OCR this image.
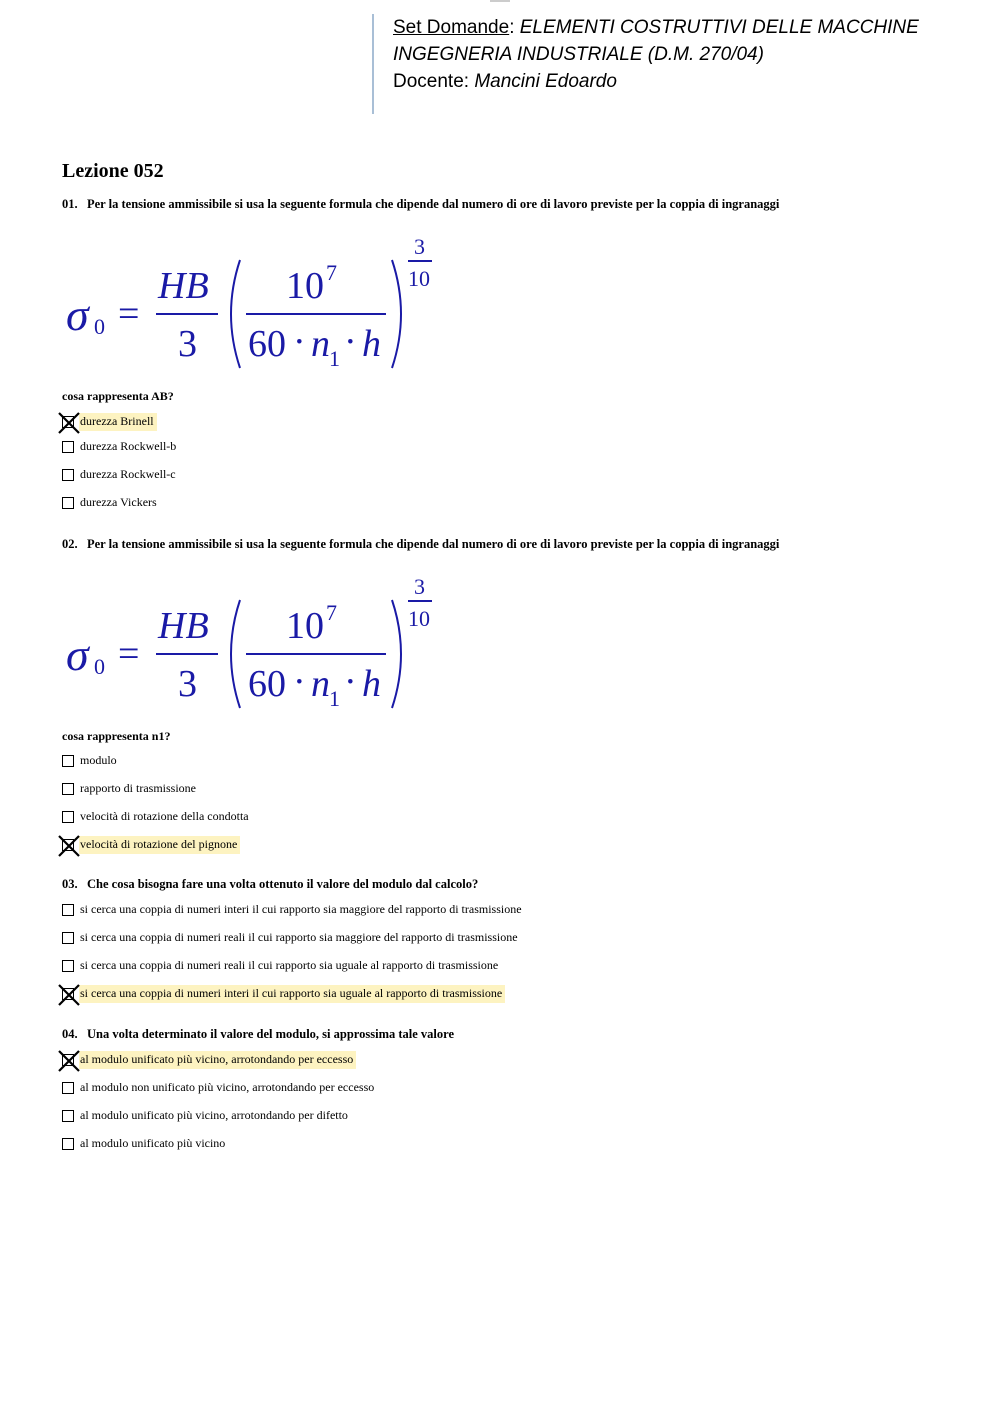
Set Domande: ELEMENTI COSTRUTTIVI DELLE MACCHINE
INGEGNERIA INDUSTRIALE (D.M. 270/04)
Docente: Mancini Edoardo
Lezione 052
01. Per la tensione ammissibile si usa la seguente formula che dipende dal numero di ore di lavoro previste per la coppia di ingranaggi
σ 0 =
HB
3
10 7
60 · n 1 · h
3
10
cosa rappresenta AB?
durezza Brinell
durezza Rockwell-b
durezza Rockwell-c
durezza Vickers
02. Per la tensione ammissibile si usa la seguente formula che dipende dal numero di ore di lavoro previste per la coppia di ingranaggi
σ 0 =
HB
3
10 7
60 · n 1 · h
3
10
cosa rappresenta n1?
modulo
rapporto di trasmissione
velocità di rotazione della condotta
velocità di rotazione del pignone
03. Che cosa bisogna fare una volta ottenuto il valore del modulo dal calcolo?
si cerca una coppia di numeri interi il cui rapporto sia maggiore del rapporto di trasmissione
si cerca una coppia di numeri reali il cui rapporto sia maggiore del rapporto di trasmissione
si cerca una coppia di numeri reali il cui rapporto sia uguale al rapporto di trasmissione
si cerca una coppia di numeri interi il cui rapporto sia uguale al rapporto di trasmissione
04. Una volta determinato il valore del modulo, si approssima tale valore
al modulo unificato più vicino, arrotondando per eccesso
al modulo non unificato più vicino, arrotondando per eccesso
al modulo unificato più vicino, arrotondando per difetto
al modulo unificato più vicino
